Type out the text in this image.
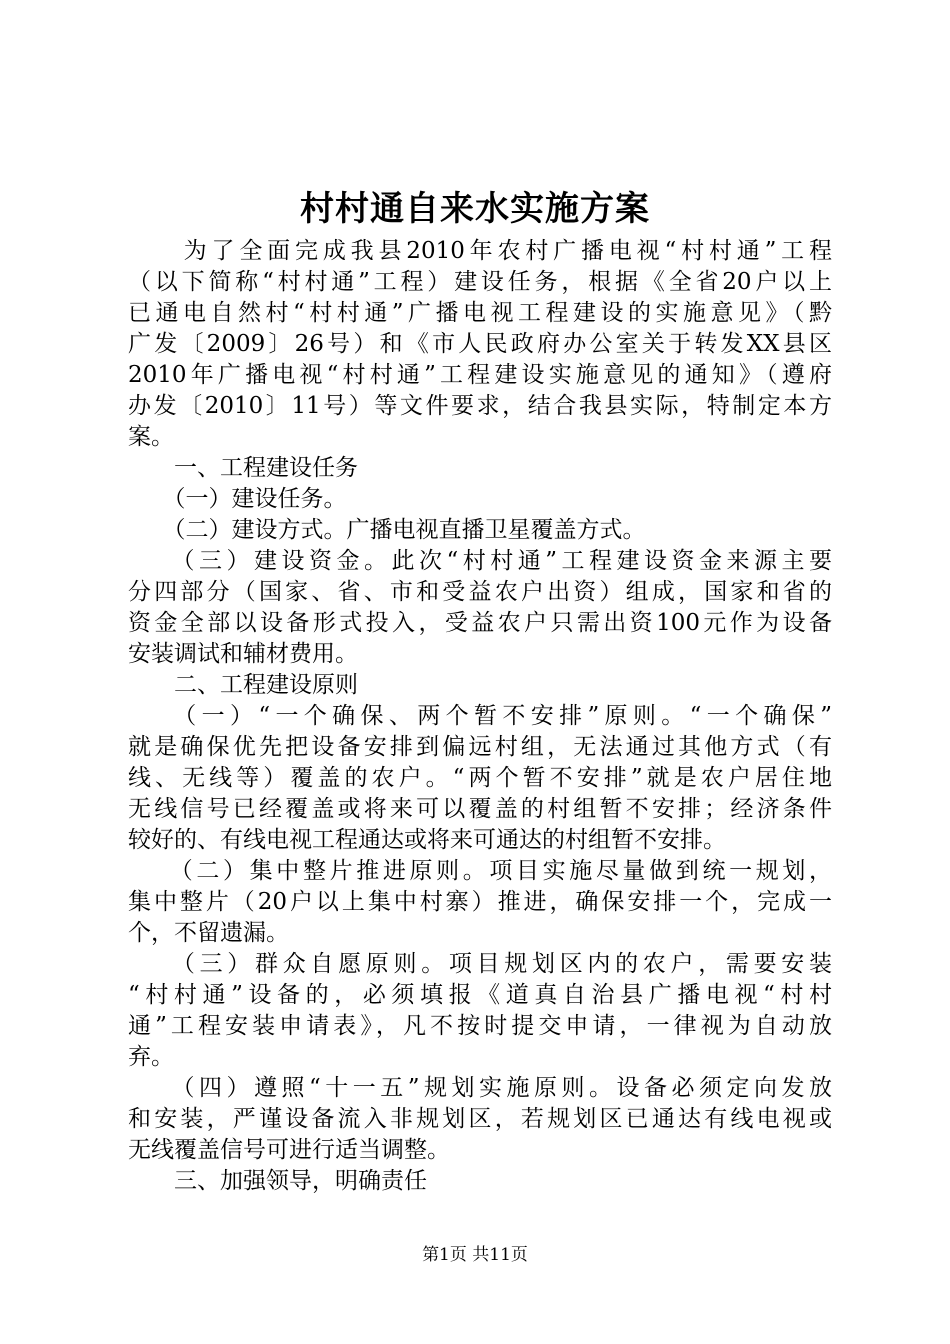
村村通自来水实施方案
　　为了全面完成我县2010年农村广播电视“村村通”工程
（以下简称“村村通”工程）建设任务，根据《全省20户以上
已通电自然村“村村通”广播电视工程建设的实施意见》（黔
广发〔2009〕26号）和《市人民政府办公室关于转发XX县区
2010年广播电视“村村通”工程建设实施意见的通知》（遵府
办发〔2010〕11号）等文件要求，结合我县实际，特制定本方
案。
　　一、工程建设任务
　　（一）建设任务。
　　（二）建设方式。广播电视直播卫星覆盖方式。
　　（三）建设资金。此次“村村通”工程建设资金来源主要
分四部分（国家、省、市和受益农户出资）组成，国家和省的
资金全部以设备形式投入，受益农户只需出资100元作为设备
安装调试和辅材费用。
　　二、工程建设原则
　　（一）“一个确保、两个暂不安排”原则。“一个确保”
就是确保优先把设备安排到偏远村组，无法通过其他方式（有
线、无线等）覆盖的农户。“两个暂不安排”就是农户居住地
无线信号已经覆盖或将来可以覆盖的村组暂不安排；经济条件
较好的、有线电视工程通达或将来可通达的村组暂不安排。
　　（二）集中整片推进原则。项目实施尽量做到统一规划，
集中整片（20户以上集中村寨）推进，确保安排一个，完成一
个，不留遗漏。
　　（三）群众自愿原则。项目规划区内的农户，需要安装
“村村通”设备的，必须填报《道真自治县广播电视“村村
通”工程安装申请表》，凡不按时提交申请，一律视为自动放
弃。
　　（四）遵照“十一五”规划实施原则。设备必须定向发放
和安装，严谨设备流入非规划区，若规划区已通达有线电视或
无线覆盖信号可进行适当调整。
　　三、加强领导，明确责任
第1页 共11页
